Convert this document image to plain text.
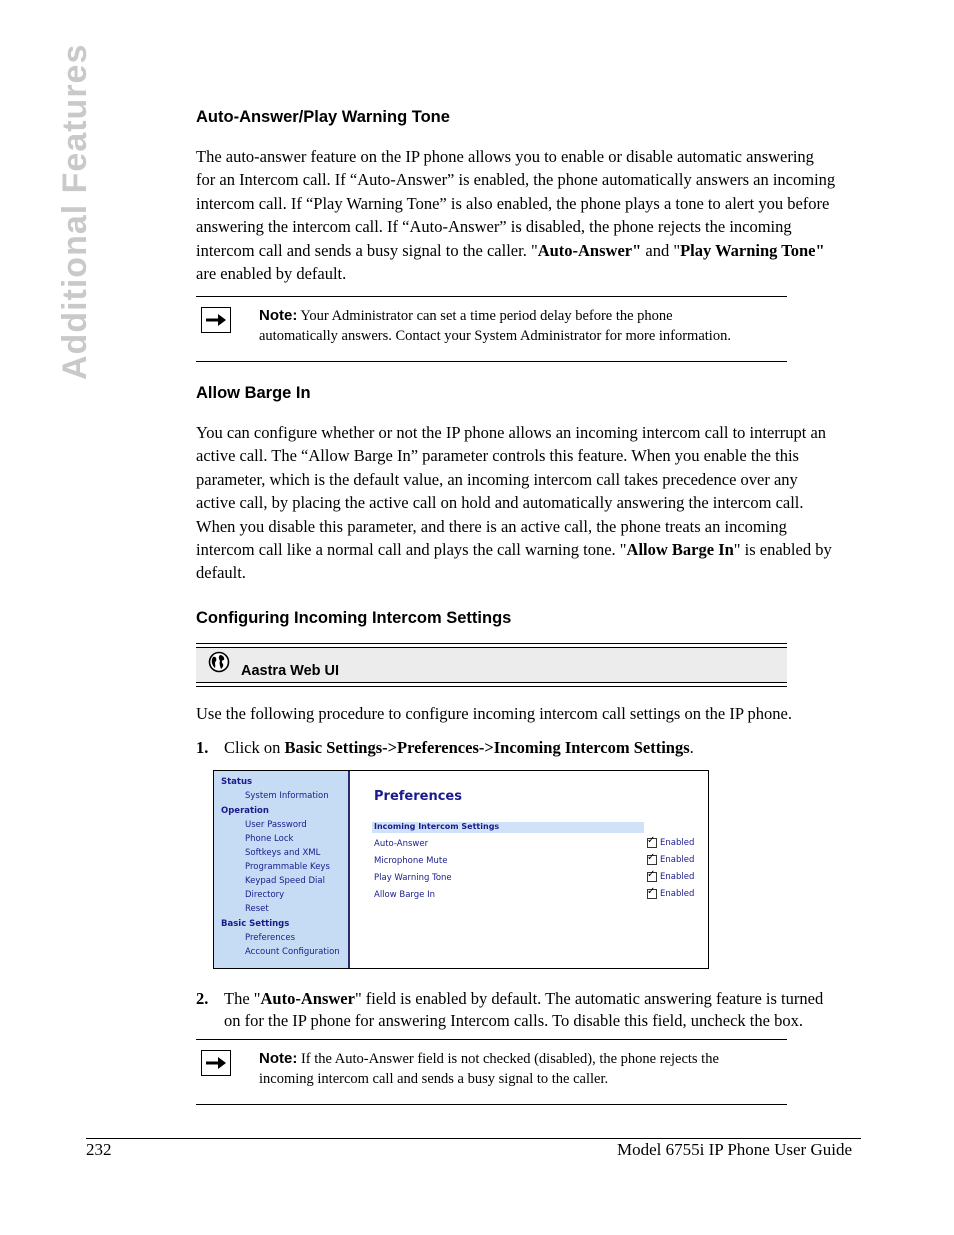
Additional Features	Auto-Answer/Play Warning Tone
The auto-answer feature on the IP phone allows you to enable or disable automatic answering
for an Intercom call. If “Auto-Answer” is enabled, the phone automatically answers an incoming
intercom call. If “Play Warning Tone” is also enabled, the phone plays a tone to alert you before
answering the intercom call. If “Auto-Answer” is disabled, the phone rejects the incoming
intercom call and sends a busy signal to the caller. "Auto-Answer" and "Play Warning Tone"
are enabled by default.
Note: Your Administrator can set a time period delay before the phone
automatically answers. Contact your System Administrator for more information.
Allow Barge In
You can configure whether or not the IP phone allows an incoming intercom call to interrupt an
active call. The “Allow Barge In” parameter controls this feature. When you enable the this
parameter, which is the default value, an incoming intercom call takes precedence over any
active call, by placing the active call on hold and automatically answering the intercom call.
When you disable this parameter, and there is an active call, the phone treats an incoming
intercom call like a normal call and plays the call warning tone. "Allow Barge In" is enabled by
default.
Configuring Incoming Intercom Settings
Aastra Web UI
Use the following procedure to configure incoming intercom call settings on the IP phone.
1. Click on Basic Settings->Preferences->Incoming Intercom Settings.
Status
System Information
Operation
User Password
Phone Lock
Softkeys and XML
Programmable Keys
Keypad Speed Dial
Directory
Reset
Basic Settings
Preferences
Account Configuration
Preferences
Incoming Intercom Settings
Auto-Answer ✓	Enabled
Microphone Mute ✓	Enabled
Play Warning Tone ✓	Enabled
Allow Barge In ✓	Enabled
2. The "Auto-Answer" field is enabled by default. The automatic answering feature is turned
on for the IP phone for answering Intercom calls. To disable this field, uncheck the box.
Note: If the Auto-Answer field is not checked (disabled), the phone rejects the
incoming intercom call and sends a busy signal to the caller.
232	Model 6755i IP Phone User Guide
